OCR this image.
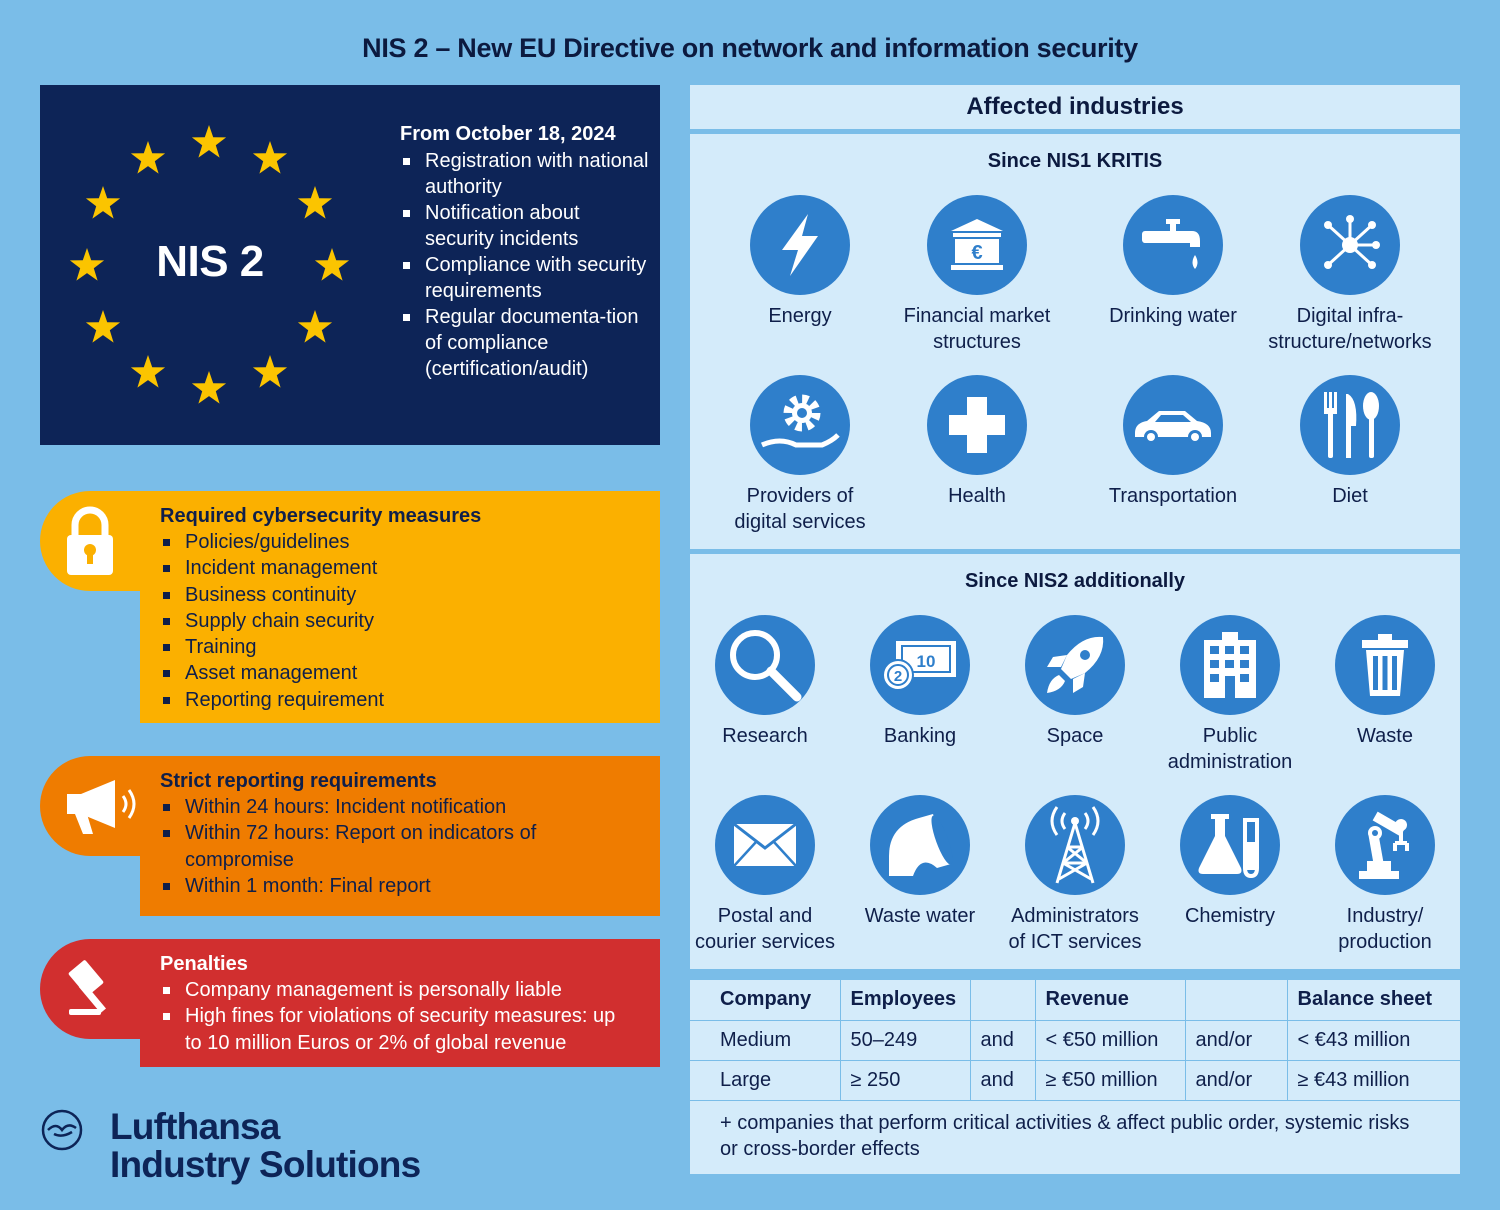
NIS 2 – New EU Directive on network and information security
NIS 2
From October 18, 2024
Registration with national authority
Notification about security incidents
Compliance with security requirements
Regular documenta-tion of compliance (certification/audit)
Required cybersecurity measures
Policies/guidelines
Incident management
Business continuity
Supply chain security
Training
Asset management
Reporting requirement
Strict reporting requirements
Within 24 hours: Incident notification
Within 72 hours: Report on indicators of compromise
Within 1 month: Final report
Penalties
Company management is personally liable
High fines for violations of security measures: up to 10 million Euros or 2% of global revenue
Lufthansa
Industry Solutions
Affected industries
Since NIS1 KRITIS
Energy
€
Financial market
structures
Drinking water	Digital infra-
structure/networks
Providers of
digital services
Health	Transportation	Diet
Since NIS2 additionally
Research
10
2
Banking	Space	Public
administration
Waste
Postal and
courier services
Waste water	Administrators
of ICT services
Chemistry	Industry/
production
Company	Employees		Revenue		Balance sheet
Medium	50–249	and	< €50 million	and/or	< €43 million
Large	≥ 250	and	≥ €50 million	and/or	≥ €43 million
+ companies that perform critical activities & affect public order, systemic risks or cross-border effects
